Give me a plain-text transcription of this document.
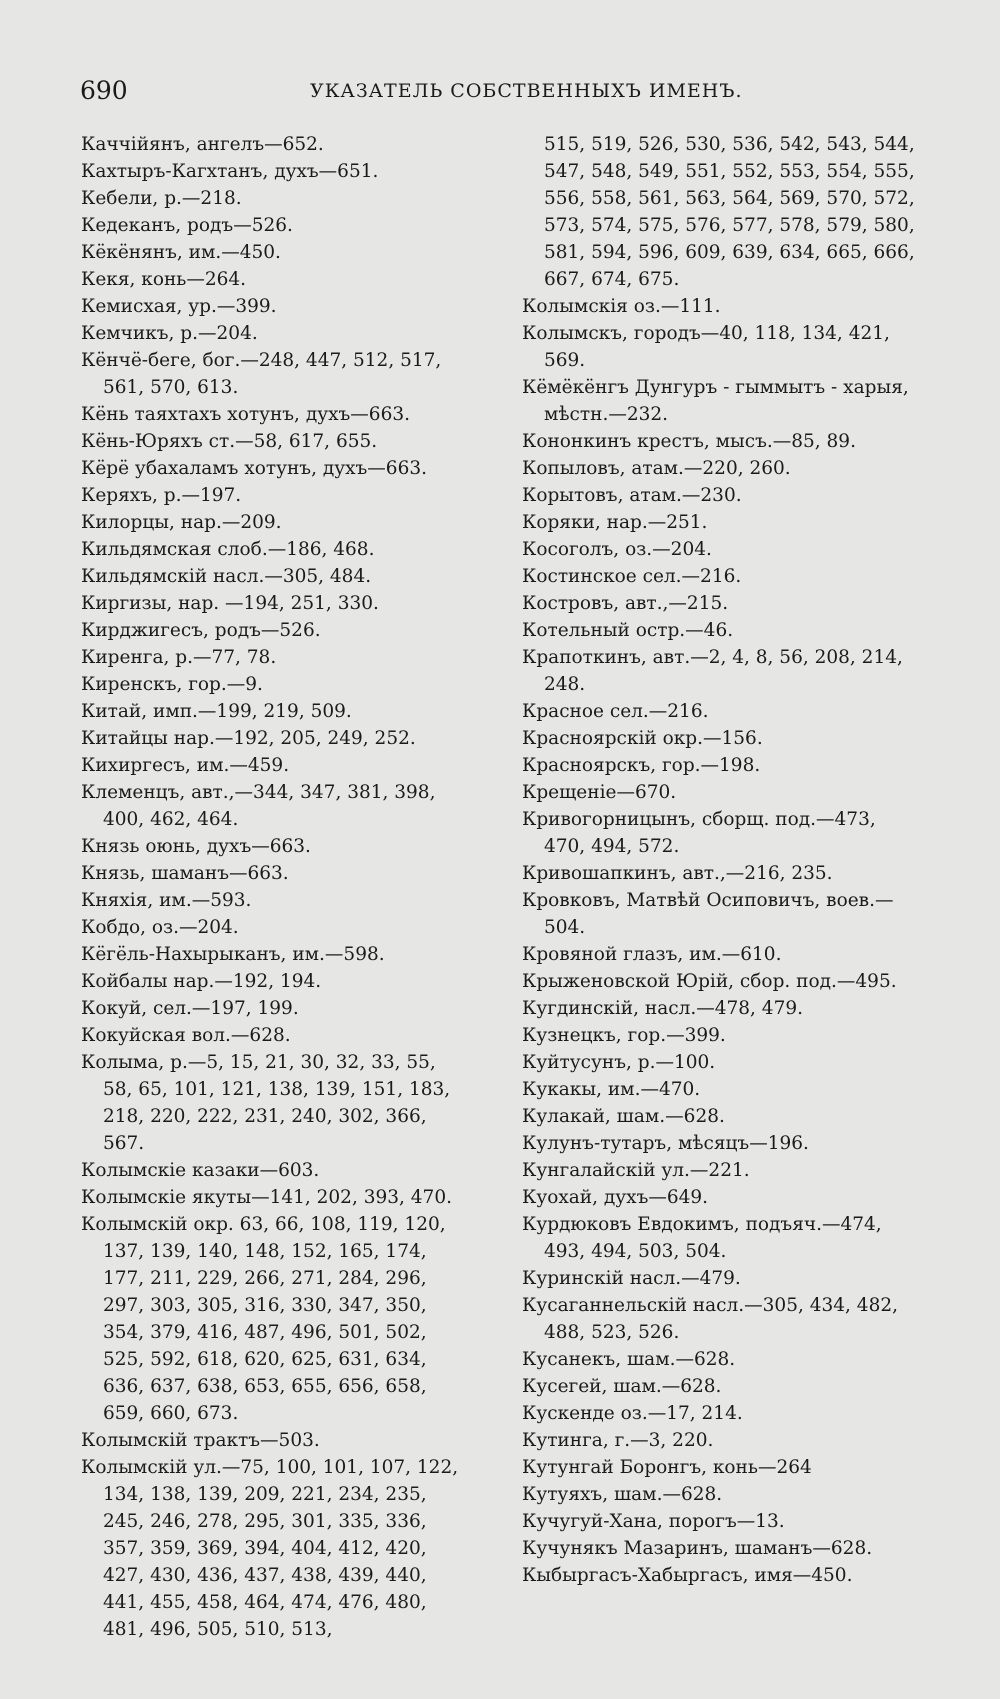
690	УКАЗАТЕЛЬ СОБСТВЕННЫХЪ ИМЕНЪ.
Каччійянъ, ангелъ—652.
Кахтыръ-Кагхтанъ, духъ—651.
Кебели, р.—218.
Кедеканъ, родъ—526.
Кёкёнянъ, им.—450.
Кекя, конь—264.
Кемисхая, ур.—399.
Кемчикъ, р.—204.
Кёнчё-беге, бог.—248, 447, 512, 517, 561, 570, 613.
Кёнь таяхтахъ хотунъ, духъ—663.
Кёнь-Юряхъ ст.—58, 617, 655.
Кёрё убахаламъ хотунъ, духъ—663.
Керяхъ, р.—197.
Килорцы, нар.—209.
Кильдямская слоб.—186, 468.
Кильдямскій насл.—305, 484.
Киргизы, нар. —194, 251, 330.
Кирджигесъ, родъ—526.
Киренга, р.—77, 78.
Киренскъ, гор.—9.
Китай, имп.—199, 219, 509.
Китайцы нар.—192, 205, 249, 252.
Кихиргесъ, им.—459.
Клеменцъ, авт.,—344, 347, 381, 398, 400, 462, 464.
Князь оюнь, духъ—663.
Князь, шаманъ—663.
Княхія, им.—593.
Кобдо, оз.—204.
Кёгёль-Нахырыканъ, им.—598.
Койбалы нар.—192, 194.
Кокуй, сел.—197, 199.
Кокуйская вол.—628.
Колыма, р.—5, 15, 21, 30, 32, 33, 55, 58, 65, 101, 121, 138, 139, 151, 183, 218, 220, 222, 231, 240, 302, 366, 567.
Колымскіе казаки—603.
Колымскіе якуты—141, 202, 393, 470.
Колымскій окр. 63, 66, 108, 119, 120, 137, 139, 140, 148, 152, 165, 174, 177, 211, 229, 266, 271, 284, 296, 297, 303, 305, 316, 330, 347, 350, 354, 379, 416, 487, 496, 501, 502, 525, 592, 618, 620, 625, 631, 634, 636, 637, 638, 653, 655, 656, 658, 659, 660, 673.
Колымскій трактъ—503.
Колымскій ул.—75, 100, 101, 107, 122, 134, 138, 139, 209, 221, 234, 235, 245, 246, 278, 295, 301, 335, 336, 357, 359, 369, 394, 404, 412, 420, 427, 430, 436, 437, 438, 439, 440, 441, 455, 458, 464, 474, 476, 480, 481, 496, 505, 510, 513,
515, 519, 526, 530, 536, 542, 543, 544, 547, 548, 549, 551, 552, 553, 554, 555, 556, 558, 561, 563, 564, 569, 570, 572, 573, 574, 575, 576, 577, 578, 579, 580, 581, 594, 596, 609, 639, 634, 665, 666, 667, 674, 675.
Колымскія оз.—111.
Колымскъ, городъ—40, 118, 134, 421, 569.
Кёмёкёнгъ Дунгуръ - гыммытъ - харыя, мѣстн.—232.
Кононкинъ крестъ, мысъ.—85, 89.
Копыловъ, атам.—220, 260.
Корытовъ, атам.—230.
Коряки, нар.—251.
Косоголъ, оз.—204.
Костинское сел.—216.
Костровъ, авт.,—215.
Котельный остр.—46.
Крапоткинъ, авт.—2, 4, 8, 56, 208, 214, 248.
Красное сел.—216.
Красноярскій окр.—156.
Красноярскъ, гор.—198.
Крещеніе—670.
Кривогорницынъ, сборщ. под.—473, 470, 494, 572.
Кривошапкинъ, авт.,—216, 235.
Кровковъ, Матвѣй Осиповичъ, воев.— 504.
Кровяной глазъ, им.—610.
Крыженовской Юрій, сбор. под.—495.
Кугдинскій, насл.—478, 479.
Кузнецкъ, гор.—399.
Куйтусунъ, р.—100.
Кукакы, им.—470.
Кулакай, шам.—628.
Кулунъ-тутаръ, мѣсяцъ—196.
Кунгалайскій ул.—221.
Куохай, духъ—649.
Курдюковъ Евдокимъ, подъяч.—474, 493, 494, 503, 504.
Куринскій насл.—479.
Кусаганнельскій насл.—305, 434, 482, 488, 523, 526.
Кусанекъ, шам.—628.
Кусегей, шам.—628.
Кускенде оз.—17, 214.
Кутинга, г.—3, 220.
Кутунгай Боронгъ, конь—264
Кутуяхъ, шам.—628.
Кучугуй-Хана, порогъ—13.
Кучунякъ Мазаринъ, шаманъ—628.
Кыбыргасъ-Хабыргасъ, имя—450.
